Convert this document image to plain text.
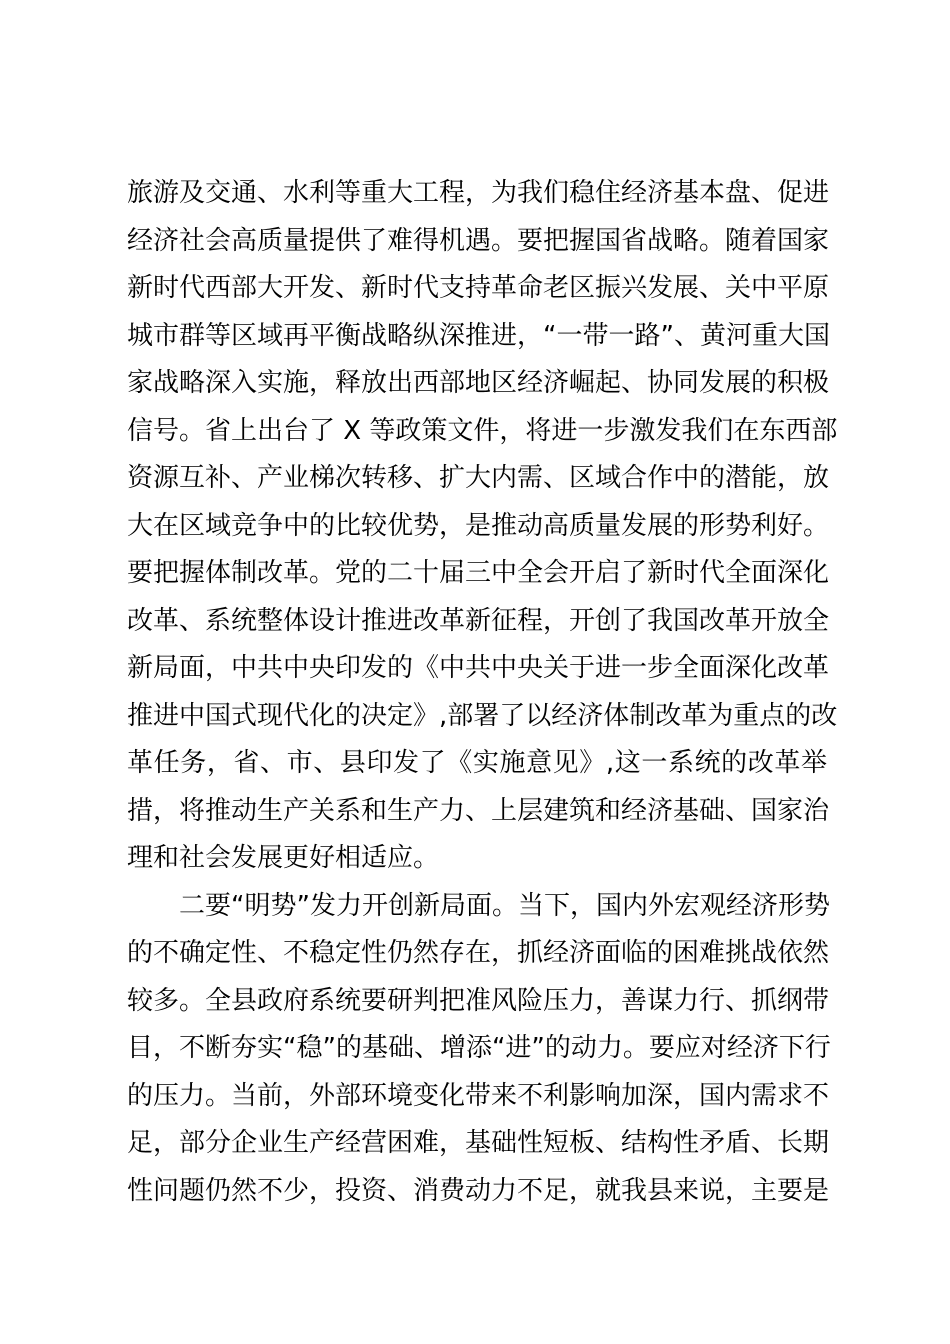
旅游及交通、水利等重大工程，为我们稳住经济基本盘、促进
经济社会高质量提供了难得机遇。要把握国省战略。随着国家
新时代西部大开发、新时代支持革命老区振兴发展、关中平原
城市群等区域再平衡战略纵深推进，“一带一路”、黄河重大国
家战略深入实施，释放出西部地区经济崛起、协同发展的积极
信号。省上出台了 X 等政策文件，将进一步激发我们在东西部
资源互补、产业梯次转移、扩大内需、区域合作中的潜能，放
大在区域竞争中的比较优势，是推动高质量发展的形势利好。
要把握体制改革。党的二十届三中全会开启了新时代全面深化
改革、系统整体设计推进改革新征程，开创了我国改革开放全
新局面，中共中央印发的《中共中央关于进一步全面深化改革
推进中国式现代化的决定》,部署了以经济体制改革为重点的改
革任务，省、市、县印发了《实施意见》,这一系统的改革举
措，将推动生产关系和生产力、上层建筑和经济基础、国家治
理和社会发展更好相适应。
二要“明势”发力开创新局面。当下，国内外宏观经济形势
的不确定性、不稳定性仍然存在，抓经济面临的困难挑战依然
较多。全县政府系统要研判把准风险压力，善谋力行、抓纲带
目，不断夯实“稳”的基础、增添“进”的动力。要应对经济下行
的压力。当前，外部环境变化带来不利影响加深，国内需求不
足，部分企业生产经营困难，基础性短板、结构性矛盾、长期
性问题仍然不少，投资、消费动力不足，就我县来说，主要是
